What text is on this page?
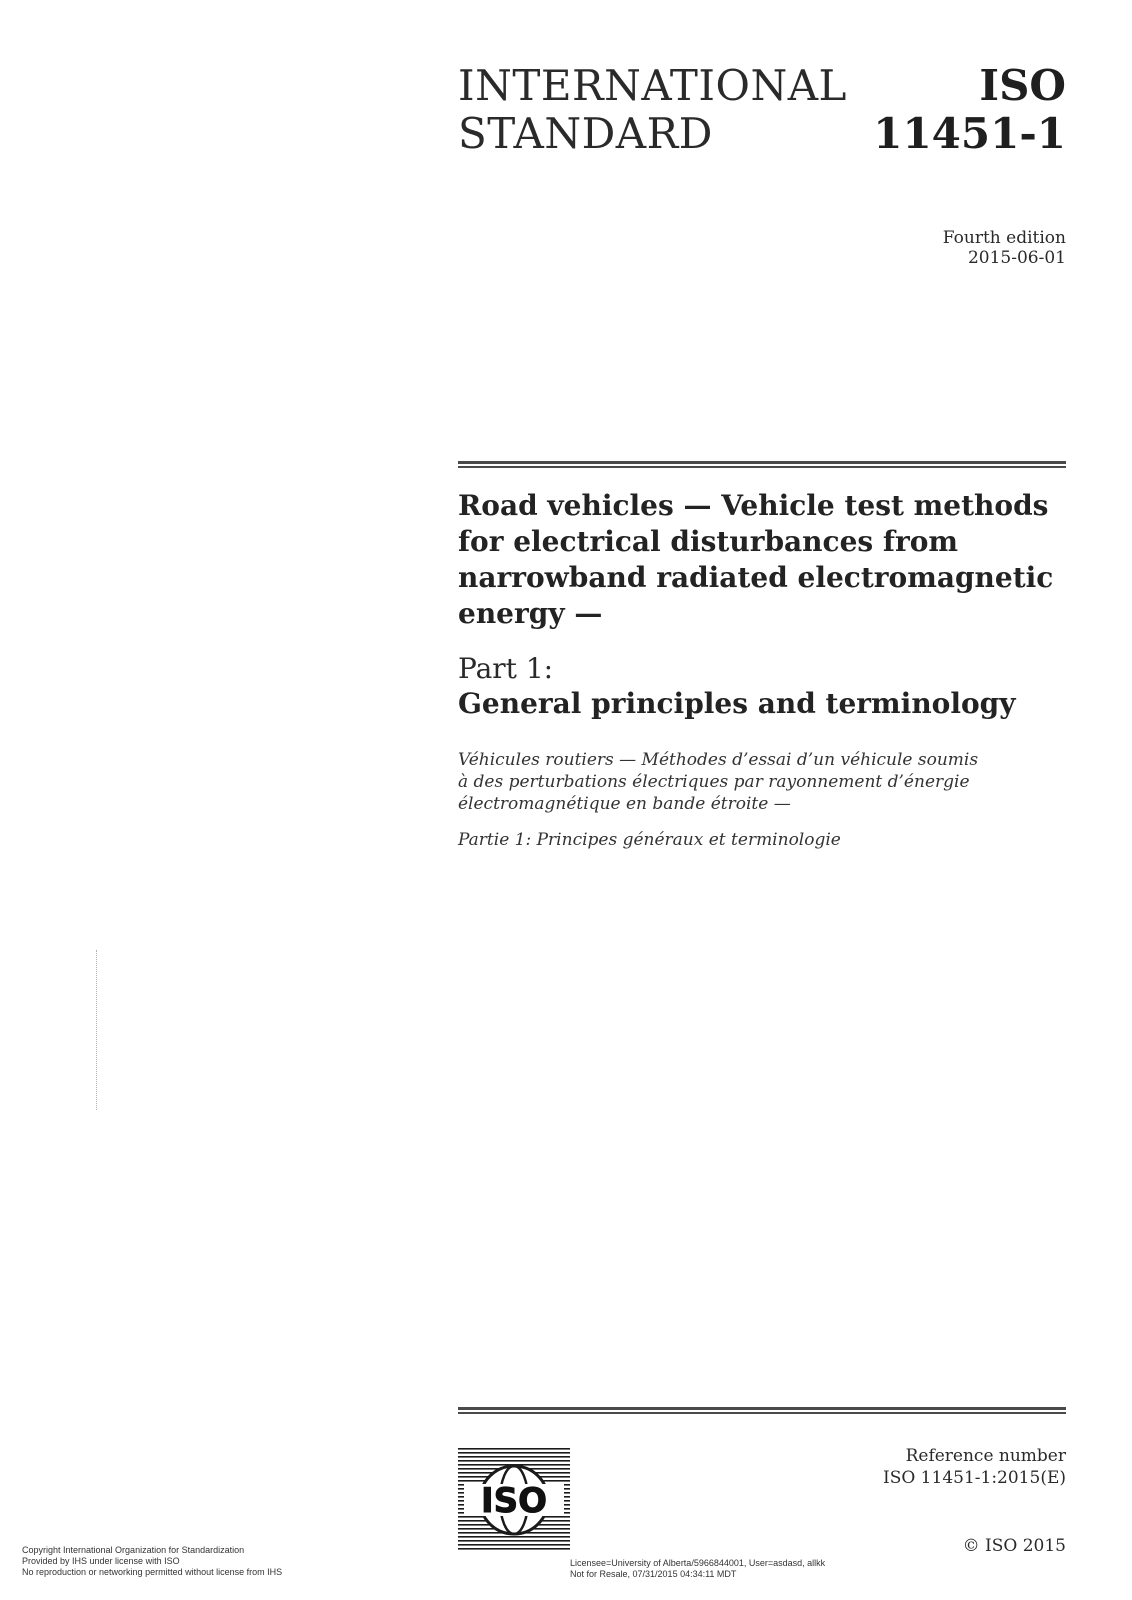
INTERNATIONAL
STANDARD
ISO
11451-1
Fourth edition
2015-06-01
Road vehicles — Vehicle test methods
for electrical disturbances from
narrowband radiated electromagnetic
energy —
Part 1:
General principles and terminology
Véhicules routiers — Méthodes d’essai d’un véhicule soumis
à des perturbations électriques par rayonnement d’énergie
électromagnétique en bande étroite —
Partie 1: Principes généraux et terminologie
ISO
Reference number
ISO 11451-1:2015(E)
© ISO 2015
Copyright International Organization for Standardization
Provided by IHS under license with ISO
No reproduction or networking permitted without license from IHS
Licensee=University of Alberta/5966844001, User=asdasd, allkk
Not for Resale, 07/31/2015 04:34:11 MDT
